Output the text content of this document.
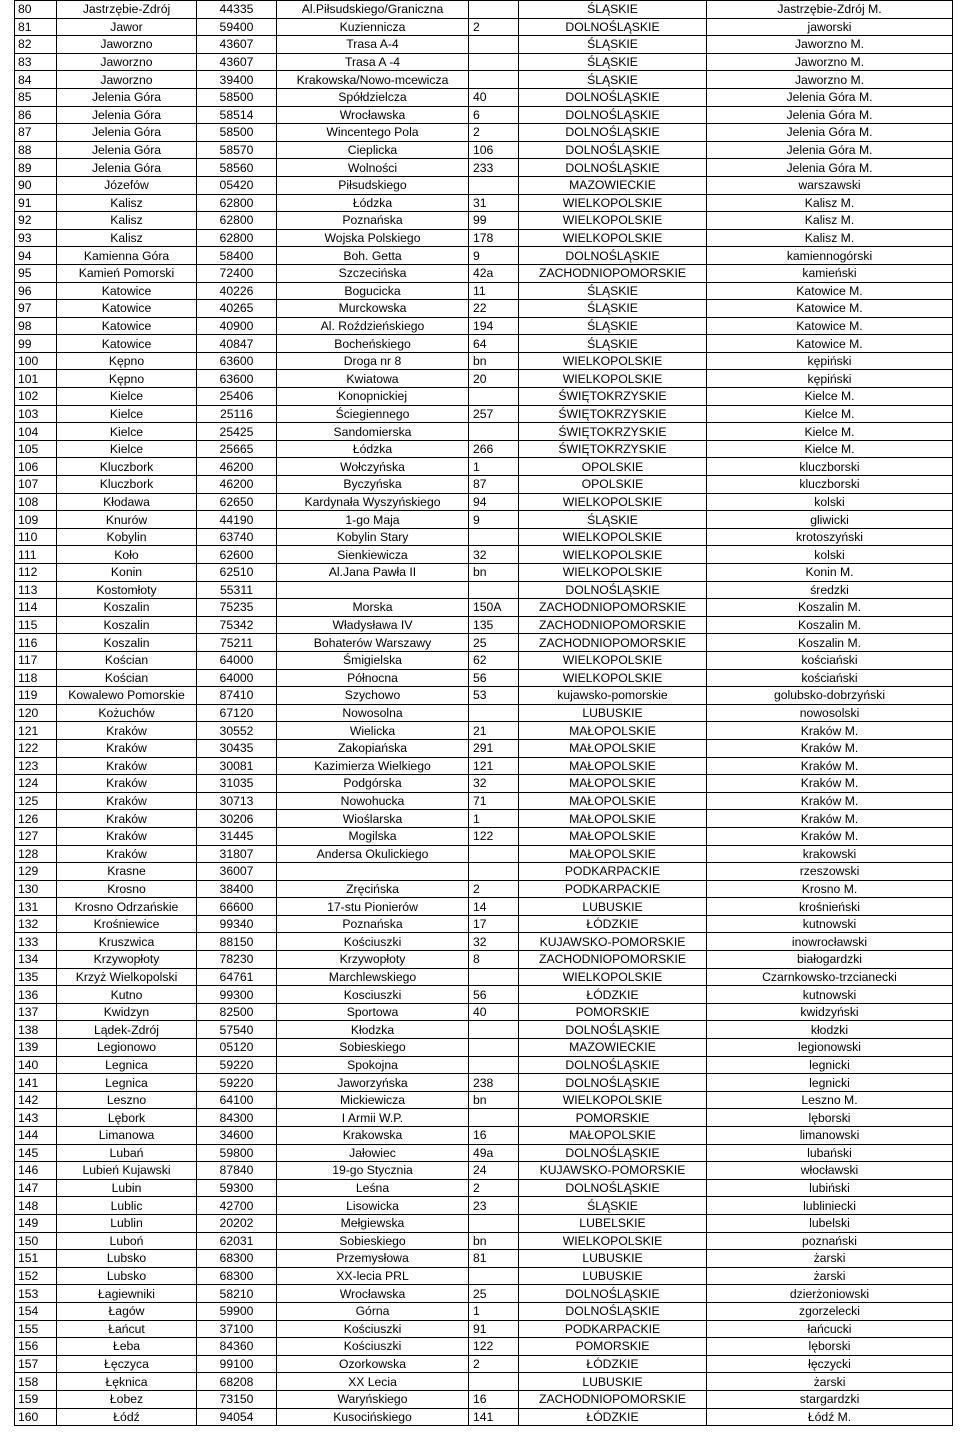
80	Jastrzębie-Zdrój	44335	Al.Piłsudskiego/Graniczna		ŚLĄSKIE	Jastrzębie-Zdrój M.
81	Jawor	59400	Kuziennicza	2	DOLNOŚLĄSKIE	jaworski
82	Jaworzno	43607	Trasa A-4		ŚLĄSKIE	Jaworzno M.
83	Jaworzno	43607	Trasa A -4		ŚLĄSKIE	Jaworzno M.
84	Jaworzno	39400	Krakowska/Nowo-mcewicza		ŚLĄSKIE	Jaworzno M.
85	Jelenia Góra	58500	Spółdzielcza	40	DOLNOŚLĄSKIE	Jelenia Góra M.
86	Jelenia Góra	58514	Wrocławska	6	DOLNOŚLĄSKIE	Jelenia Góra M.
87	Jelenia Góra	58500	Wincentego Pola	2	DOLNOŚLĄSKIE	Jelenia Góra M.
88	Jelenia Góra	58570	Cieplicka	106	DOLNOŚLĄSKIE	Jelenia Góra M.
89	Jelenia Góra	58560	Wolności	233	DOLNOŚLĄSKIE	Jelenia Góra M.
90	Józefów	05420	Piłsudskiego		MAZOWIECKIE	warszawski
91	Kalisz	62800	Łódzka	31	WIELKOPOLSKIE	Kalisz M.
92	Kalisz	62800	Poznańska	99	WIELKOPOLSKIE	Kalisz M.
93	Kalisz	62800	Wojska Polskiego	178	WIELKOPOLSKIE	Kalisz M.
94	Kamienna Góra	58400	Boh. Getta	9	DOLNOŚLĄSKIE	kamiennogórski
95	Kamień Pomorski	72400	Szczecińska	42a	ZACHODNIOPOMORSKIE	kamieński
96	Katowice	40226	Bogucicka	11	ŚLĄSKIE	Katowice M.
97	Katowice	40265	Murckowska	22	ŚLĄSKIE	Katowice M.
98	Katowice	40900	Al. Roździeńskiego	194	ŚLĄSKIE	Katowice M.
99	Katowice	40847	Bocheńskiego	64	ŚLĄSKIE	Katowice M.
100	Kępno	63600	Droga nr 8	bn	WIELKOPOLSKIE	kępiński
101	Kępno	63600	Kwiatowa	20	WIELKOPOLSKIE	kępiński
102	Kielce	25406	Konopnickiej		ŚWIĘTOKRZYSKIE	Kielce M.
103	Kielce	25116	Ściegiennego	257	ŚWIĘTOKRZYSKIE	Kielce M.
104	Kielce	25425	Sandomierska		ŚWIĘTOKRZYSKIE	Kielce M.
105	Kielce	25665	Łódzka	266	ŚWIĘTOKRZYSKIE	Kielce M.
106	Kluczbork	46200	Wołczyńska	1	OPOLSKIE	kluczborski
107	Kluczbork	46200	Byczyńska	87	OPOLSKIE	kluczborski
108	Kłodawa	62650	Kardynała Wyszyńskiego	94	WIELKOPOLSKIE	kolski
109	Knurów	44190	1-go Maja	9	ŚLĄSKIE	gliwicki
110	Kobylin	63740	Kobylin Stary		WIELKOPOLSKIE	krotoszyński
111	Koło	62600	Sienkiewicza	32	WIELKOPOLSKIE	kolski
112	Konin	62510	Al.Jana Pawła II	bn	WIELKOPOLSKIE	Konin M.
113	Kostomłoty	55311			DOLNOŚLĄSKIE	średzki
114	Koszalin	75235	Morska	150A	ZACHODNIOPOMORSKIE	Koszalin M.
115	Koszalin	75342	Władysława IV	135	ZACHODNIOPOMORSKIE	Koszalin M.
116	Koszalin	75211	Bohaterów Warszawy	25	ZACHODNIOPOMORSKIE	Koszalin M.
117	Kościan	64000	Śmigielska	62	WIELKOPOLSKIE	kościański
118	Kościan	64000	Północna	56	WIELKOPOLSKIE	kościański
119	Kowalewo Pomorskie	87410	Szychowo	53	kujawsko-pomorskie	golubsko-dobrzyński
120	Kożuchów	67120	Nowosolna		LUBUSKIE	nowosolski
121	Kraków	30552	Wielicka	21	MAŁOPOLSKIE	Kraków M.
122	Kraków	30435	Zakopiańska	291	MAŁOPOLSKIE	Kraków M.
123	Kraków	30081	Kazimierza Wielkiego	121	MAŁOPOLSKIE	Kraków M.
124	Kraków	31035	Podgórska	32	MAŁOPOLSKIE	Kraków M.
125	Kraków	30713	Nowohucka	71	MAŁOPOLSKIE	Kraków M.
126	Kraków	30206	Wioślarska	1	MAŁOPOLSKIE	Kraków M.
127	Kraków	31445	Mogilska	122	MAŁOPOLSKIE	Kraków M.
128	Kraków	31807	Andersa Okulickiego		MAŁOPOLSKIE	krakowski
129	Krasne	36007			PODKARPACKIE	rzeszowski
130	Krosno	38400	Zręcińska	2	PODKARPACKIE	Krosno M.
131	Krosno Odrzańskie	66600	17-stu Pionierów	14	LUBUSKIE	krośnieński
132	Krośniewice	99340	Poznańska	17	ŁÓDZKIE	kutnowski
133	Kruszwica	88150	Kościuszki	32	KUJAWSKO-POMORSKIE	inowrocławski
134	Krzywopłoty	78230	Krzywopłoty	8	ZACHODNIOPOMORSKIE	białogardzki
135	Krzyż Wielkopolski	64761	Marchlewskiego		WIELKOPOLSKIE	Czarnkowsko-trzcianecki
136	Kutno	99300	Kosciuszki	56	ŁÓDZKIE	kutnowski
137	Kwidzyn	82500	Sportowa	40	POMORSKIE	kwidzyński
138	Lądek-Zdrój	57540	Kłodzka		DOLNOŚLĄSKIE	kłodzki
139	Legionowo	05120	Sobieskiego		MAZOWIECKIE	legionowski
140	Legnica	59220	Spokojna		DOLNOŚLĄSKIE	legnicki
141	Legnica	59220	Jaworzyńska	238	DOLNOŚLĄSKIE	legnicki
142	Leszno	64100	Mickiewicza	bn	WIELKOPOLSKIE	Leszno M.
143	Lębork	84300	I Armii W.P.		POMORSKIE	lęborski
144	Limanowa	34600	Krakowska	16	MAŁOPOLSKIE	limanowski
145	Lubań	59800	Jałowiec	49a	DOLNOŚLĄSKIE	lubański
146	Lubień Kujawski	87840	19-go Stycznia	24	KUJAWSKO-POMORSKIE	włocławski
147	Lubin	59300	Leśna	2	DOLNOŚLĄSKIE	lubiński
148	Lublic	42700	Lisowicka	23	ŚLĄSKIE	lubliniecki
149	Lublin	20202	Mełgiewska		LUBELSKIE	lubelski
150	Luboń	62031	Sobieskiego	bn	WIELKOPOLSKIE	poznański
151	Lubsko	68300	Przemysłowa	81	LUBUSKIE	żarski
152	Lubsko	68300	XX-lecia PRL		LUBUSKIE	żarski
153	Łagiewniki	58210	Wrocławska	25	DOLNOŚLĄSKIE	dzierżoniowski
154	Łagów	59900	Górna	1	DOLNOŚLĄSKIE	zgorzelecki
155	Łańcut	37100	Kościuszki	91	PODKARPACKIE	łańcucki
156	Łeba	84360	Kościuszki	122	POMORSKIE	lęborski
157	Łęczyca	99100	Ozorkowska	2	ŁÓDZKIE	łęczycki
158	Łęknica	68208	XX Lecia		LUBUSKIE	żarski
159	Łobez	73150	Waryńskiego	16	ZACHODNIOPOMORSKIE	stargardzki
160	Łódź	94054	Kusocińskiego	141	ŁÓDZKIE	Łódź M.
